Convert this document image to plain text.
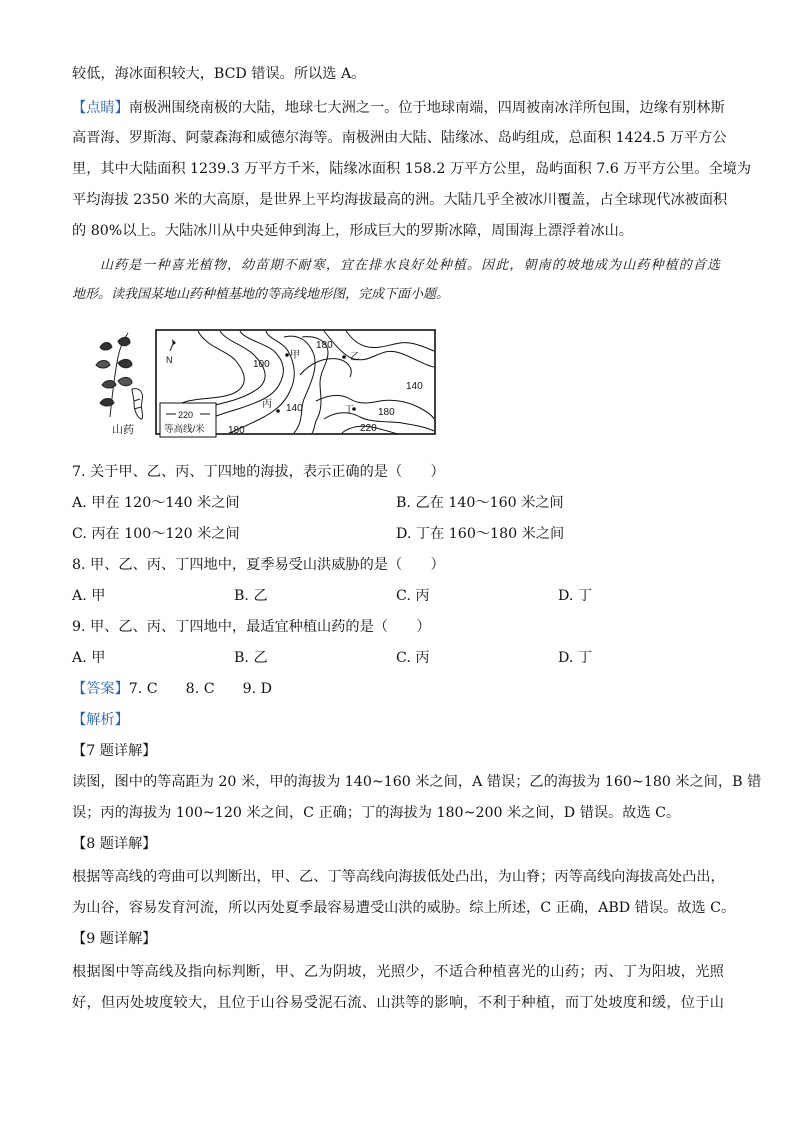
较低，海冰面积较大，BCD 错误。所以选 A。
【点睛】南极洲围绕南极的大陆，地球七大洲之一。位于地球南端，四周被南冰洋所包围，边缘有别林斯
高晋海、罗斯海、阿蒙森海和威德尔海等。南极洲由大陆、陆缘冰、岛屿组成，总面积 1424.5 万平方公
里，其中大陆面积 1239.3 万平方千米，陆缘冰面积 158.2 万平方公里，岛屿面积 7.6 万平方公里。全境为
平均海拔 2350 米的大高原，是世界上平均海拔最高的洲。大陆几乎全被冰川覆盖，占全球现代冰被面积
的 80%以上。大陆冰川从中央延伸到海上，形成巨大的罗斯冰障，周围海上漂浮着冰山。
山药是一种喜光植物，幼苗期不耐寒，宜在排水良好处种植。因此，朝南的坡地成为山药种植的首选
地形。读我国某地山药种植基地的等高线地形图，完成下面小题。
山药
N	100
180
140
140	180
220
180
甲	乙
丙
丁
220
等高线/米
7. 关于甲、乙、丙、丁四地的海拔，表示正确的是（　　）
A. 甲在 120～140 米之间	B. 乙在 140～160 米之间
C. 丙在 100～120 米之间	D. 丁在 160～180 米之间
8. 甲、乙、丙、丁四地中，夏季易受山洪威胁的是（　　）
A. 甲	B. 乙	C. 丙	D. 丁
9. 甲、乙、丙、丁四地中，最适宜种植山药的是（　　）
A. 甲	B. 乙	C. 丙	D. 丁
【答案】7. C 8. C 9. D
【解析】
【7 题详解】
读图，图中的等高距为 20 米，甲的海拔为 140~160 米之间，A 错误；乙的海拔为 160~180 米之间，B 错
误；丙的海拔为 100~120 米之间，C 正确；丁的海拔为 180~200 米之间，D 错误。故选 C。
【8 题详解】
根据等高线的弯曲可以判断出，甲、乙、丁等高线向海拔低处凸出，为山脊；丙等高线向海拔高处凸出，
为山谷，容易发育河流，所以丙处夏季最容易遭受山洪的威胁。综上所述，C 正确，ABD 错误。故选 C。
【9 题详解】
根据图中等高线及指向标判断，甲、乙为阴坡，光照少，不适合种植喜光的山药；丙、丁为阳坡，光照
好，但丙处坡度较大，且位于山谷易受泥石流、山洪等的影响，不利于种植，而丁处坡度和缓，位于山
